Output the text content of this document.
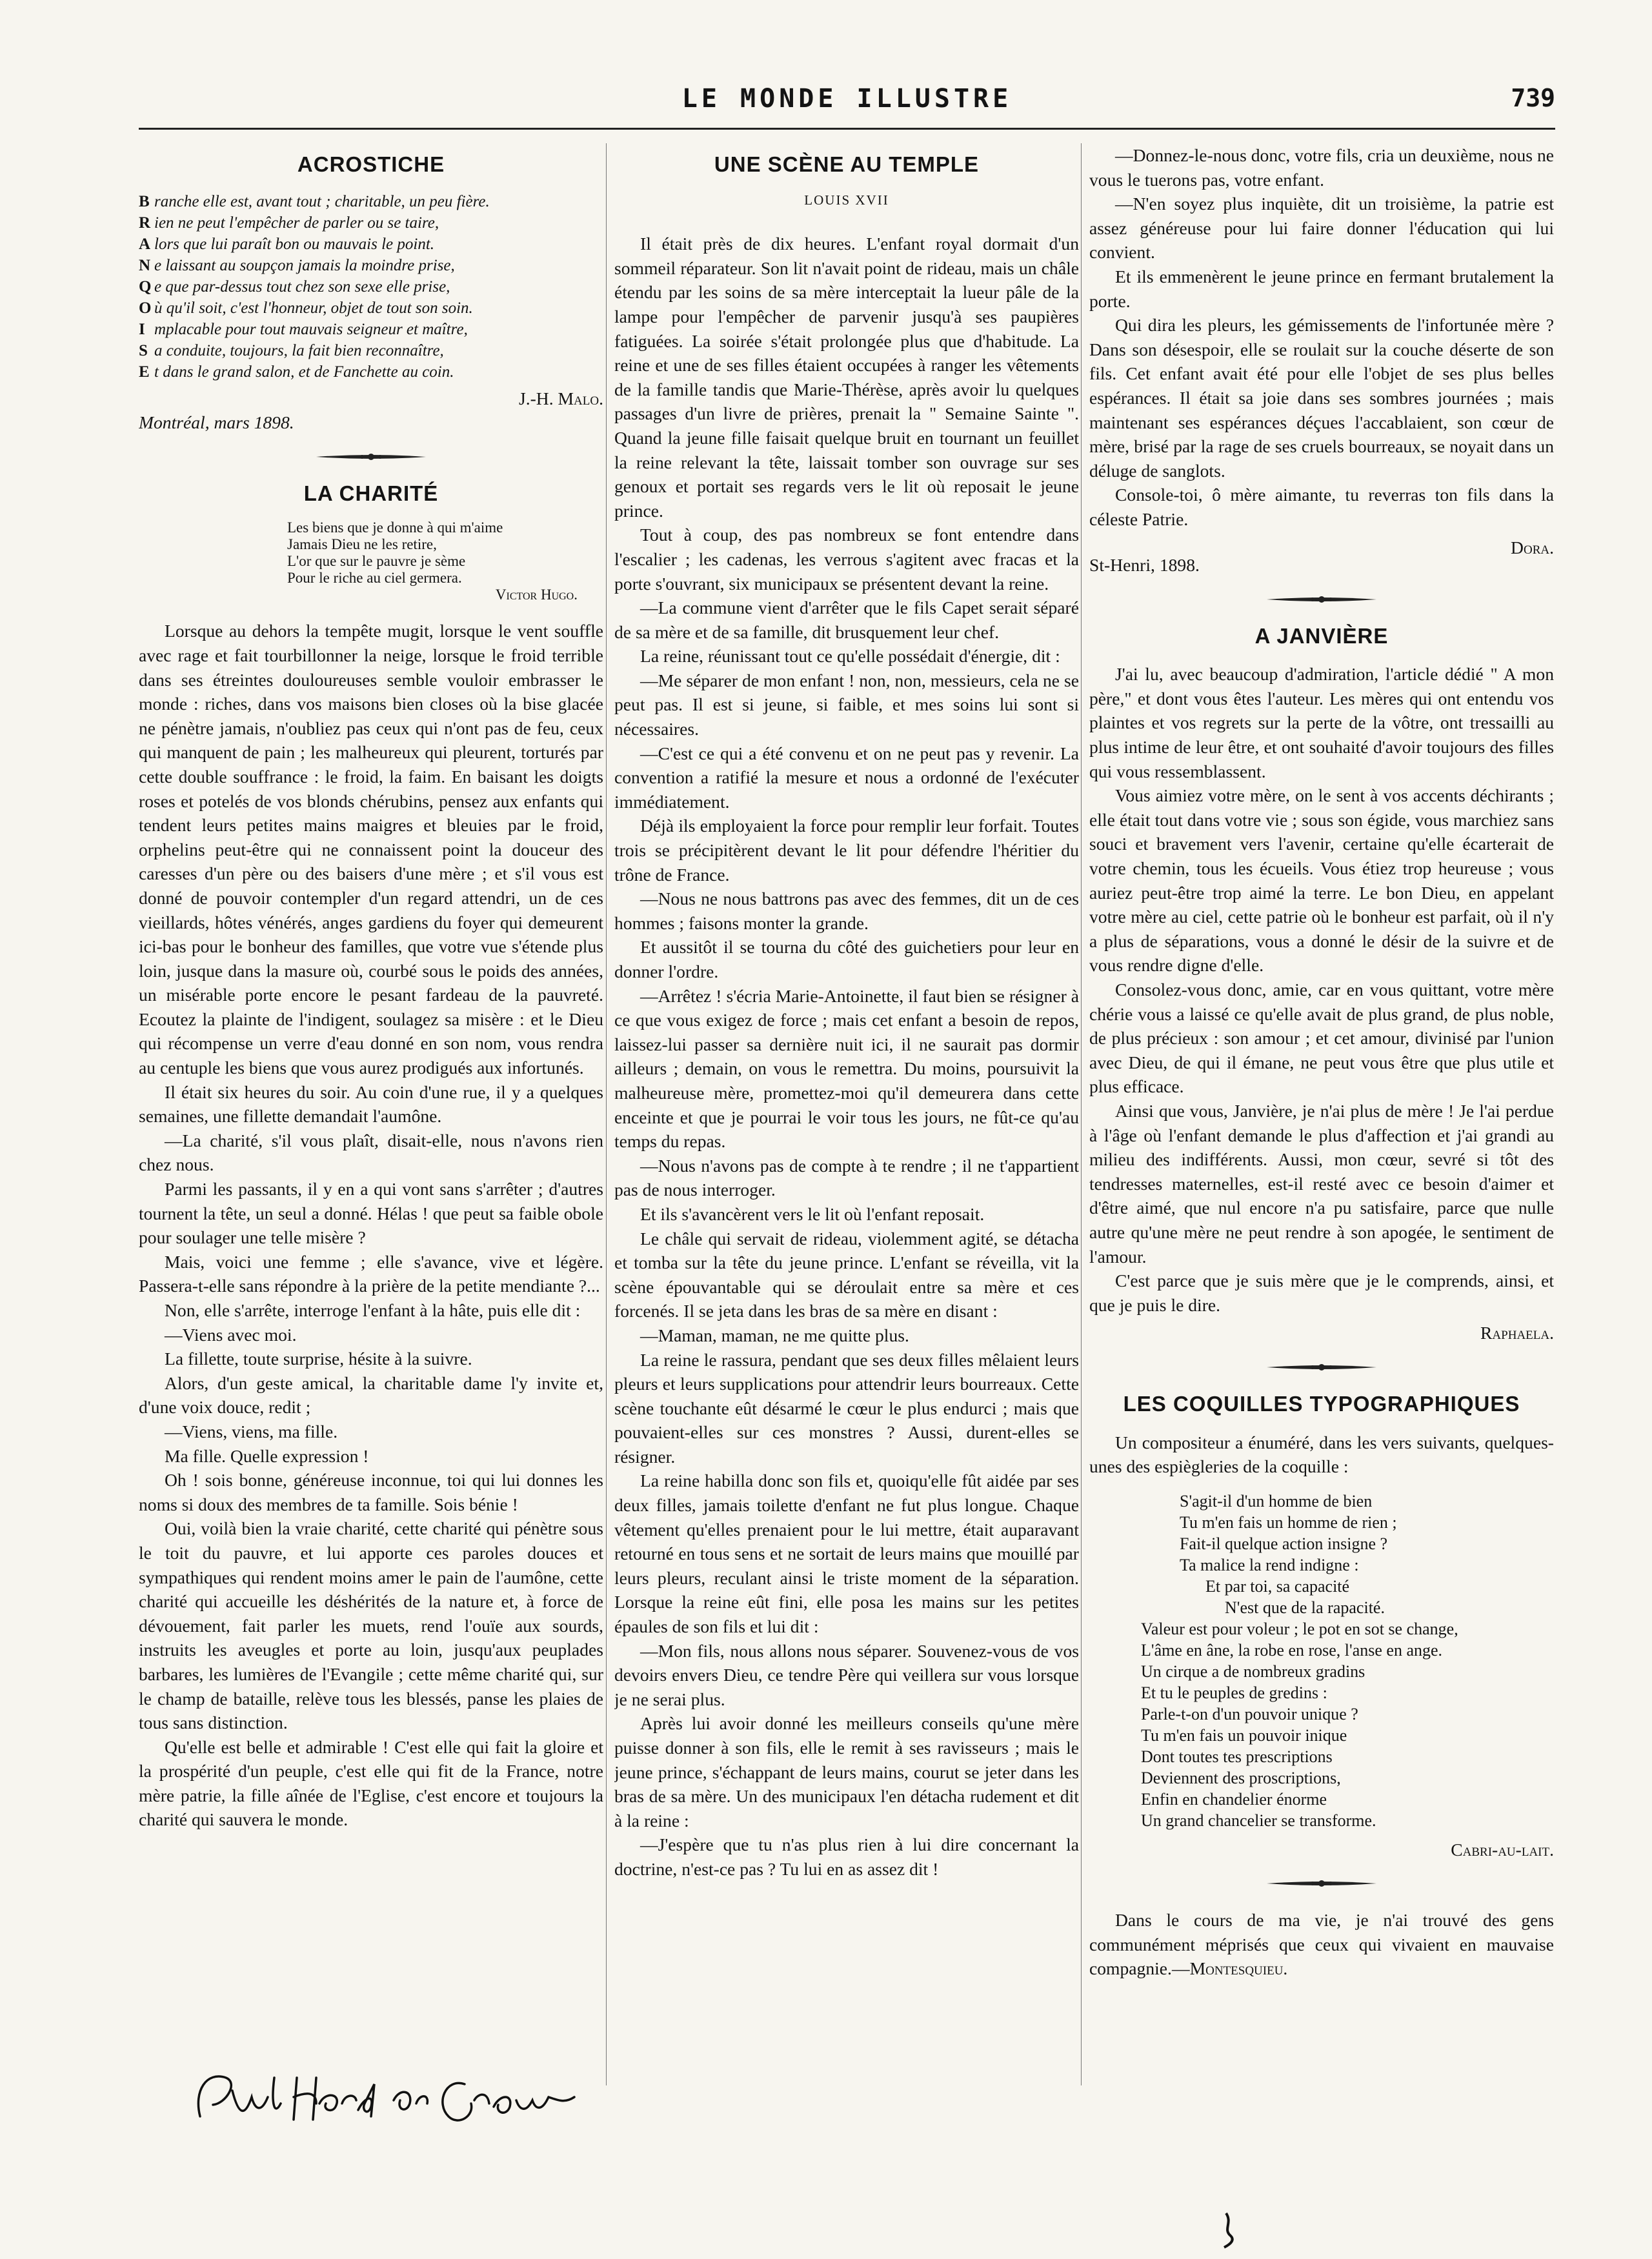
LE MONDE ILLUSTRE	739
ACROSTICHE
B ranche elle est, avant tout ; charitable, un peu fière.
R ien ne peut l'empêcher de parler ou se taire,
A lors que lui paraît bon ou mauvais le point.
N e laissant au soupçon jamais la moindre prise,
Q e que par-dessus tout chez son sexe elle prise,
O ù qu'il soit, c'est l'honneur, objet de tout son soin.
I mplacable pour tout mauvais seigneur et maître,
S a conduite, toujours, la fait bien reconnaître,
E t dans le grand salon, et de Fanchette au coin.

J.-H. Malo.

Montréal, mars 1898.

LA CHARITÉ
Les biens que je donne à qui m'aime
Jamais Dieu ne les retire,
L'or que sur le pauvre je sème
Pour le riche au ciel germera.
Victor Hugo.

Lorsque au dehors la tempête mugit, lorsque le vent souffle avec rage et fait tourbillonner la neige, lorsque le froid terrible dans ses étreintes douloureuses semble vouloir embrasser le monde : riches, dans vos maisons bien closes où la bise glacée ne pénètre jamais, n'oubliez pas ceux qui n'ont pas de feu, ceux qui manquent de pain ; les malheureux qui pleurent, torturés par cette double souffrance : le froid, la faim. En baisant les doigts roses et potelés de vos blonds chérubins, pensez aux enfants qui tendent leurs petites mains maigres et bleuies par le froid, orphelins peut-être qui ne connaissent point la douceur des caresses d'un père ou des baisers d'une mère ; et s'il vous est donné de pouvoir contempler d'un regard attendri, un de ces vieillards, hôtes vénérés, anges gardiens du foyer qui demeurent ici-bas pour le bonheur des familles, que votre vue s'étende plus loin, jusque dans la masure où, courbé sous le poids des années, un misérable porte encore le pesant fardeau de la pauvreté. Ecoutez la plainte de l'indigent, soulagez sa misère : et le Dieu qui récompense un verre d'eau donné en son nom, vous rendra au centuple les biens que vous aurez prodigués aux infortunés.

Il était six heures du soir. Au coin d'une rue, il y a quelques semaines, une fillette demandait l'aumône.

—La charité, s'il vous plaît, disait-elle, nous n'avons rien chez nous.

Parmi les passants, il y en a qui vont sans s'arrêter ; d'autres tournent la tête, un seul a donné. Hélas ! que peut sa faible obole pour soulager une telle misère ?

Mais, voici une femme ; elle s'avance, vive et légère. Passera-t-elle sans répondre à la prière de la petite mendiante ?...

Non, elle s'arrête, interroge l'enfant à la hâte, puis elle dit :

—Viens avec moi.

La fillette, toute surprise, hésite à la suivre.

Alors, d'un geste amical, la charitable dame l'y invite et, d'une voix douce, redit ;

—Viens, viens, ma fille.

Ma fille. Quelle expression !

Oh ! sois bonne, généreuse inconnue, toi qui lui donnes les noms si doux des membres de ta famille. Sois bénie !

Oui, voilà bien la vraie charité, cette charité qui pénètre sous le toit du pauvre, et lui apporte ces paroles douces et sympathiques qui rendent moins amer le pain de l'aumône, cette charité qui accueille les déshérités de la nature et, à force de dévouement, fait parler les muets, rend l'ouïe aux sourds, instruits les aveugles et porte au loin, jusqu'aux peuplades barbares, les lumières de l'Evangile ; cette même charité qui, sur le champ de bataille, relève tous les blessés, panse les plaies de tous sans distinction.

Qu'elle est belle et admirable ! C'est elle qui fait la gloire et la prospérité d'un peuple, c'est elle qui fit de la France, notre mère patrie, la fille aînée de l'Eglise, c'est encore et toujours la charité qui sauvera le monde.

UNE SCÈNE AU TEMPLE
LOUIS XVII

Il était près de dix heures. L'enfant royal dormait d'un sommeil réparateur. Son lit n'avait point de rideau, mais un châle étendu par les soins de sa mère interceptait la lueur pâle de la lampe pour l'empêcher de parvenir jusqu'à ses paupières fatiguées. La soirée s'était prolongée plus que d'habitude. La reine et une de ses filles étaient occupées à ranger les vêtements de la famille tandis que Marie-Thérèse, après avoir lu quelques passages d'un livre de prières, prenait la " Semaine Sainte ". Quand la jeune fille faisait quelque bruit en tournant un feuillet la reine relevant la tête, laissait tomber son ouvrage sur ses genoux et portait ses regards vers le lit où reposait le jeune prince.

Tout à coup, des pas nombreux se font entendre dans l'escalier ; les cadenas, les verrous s'agitent avec fracas et la porte s'ouvrant, six municipaux se présentent devant la reine.

—La commune vient d'arrêter que le fils Capet serait séparé de sa mère et de sa famille, dit brusquement leur chef.

La reine, réunissant tout ce qu'elle possédait d'énergie, dit :

—Me séparer de mon enfant ! non, non, messieurs, cela ne se peut pas. Il est si jeune, si faible, et mes soins lui sont si nécessaires.

—C'est ce qui a été convenu et on ne peut pas y revenir. La convention a ratifié la mesure et nous a ordonné de l'exécuter immédiatement.

Déjà ils employaient la force pour remplir leur forfait. Toutes trois se précipitèrent devant le lit pour défendre l'héritier du trône de France.

—Nous ne nous battrons pas avec des femmes, dit un de ces hommes ; faisons monter la grande.

Et aussitôt il se tourna du côté des guichetiers pour leur en donner l'ordre.

—Arrêtez ! s'écria Marie-Antoinette, il faut bien se résigner à ce que vous exigez de force ; mais cet enfant a besoin de repos, laissez-lui passer sa dernière nuit ici, il ne saurait pas dormir ailleurs ; demain, on vous le remettra. Du moins, poursuivit la malheureuse mère, promettez-moi qu'il demeurera dans cette enceinte et que je pourrai le voir tous les jours, ne fût-ce qu'au temps du repas.

—Nous n'avons pas de compte à te rendre ; il ne t'appartient pas de nous interroger.

Et ils s'avancèrent vers le lit où l'enfant reposait.

Le châle qui servait de rideau, violemment agité, se détacha et tomba sur la tête du jeune prince. L'enfant se réveilla, vit la scène épouvantable qui se déroulait entre sa mère et ces forcenés. Il se jeta dans les bras de sa mère en disant :

—Maman, maman, ne me quitte plus.

La reine le rassura, pendant que ses deux filles mêlaient leurs pleurs et leurs supplications pour attendrir leurs bourreaux. Cette scène touchante eût désarmé le cœur le plus endurci ; mais que pouvaient-elles sur ces monstres ? Aussi, durent-elles se résigner.

La reine habilla donc son fils et, quoiqu'elle fût aidée par ses deux filles, jamais toilette d'enfant ne fut plus longue. Chaque vêtement qu'elles prenaient pour le lui mettre, était auparavant retourné en tous sens et ne sortait de leurs mains que mouillé par leurs pleurs, reculant ainsi le triste moment de la séparation. Lorsque la reine eût fini, elle posa les mains sur les petites épaules de son fils et lui dit :

—Mon fils, nous allons nous séparer. Souvenez-vous de vos devoirs envers Dieu, ce tendre Père qui veillera sur vous lorsque je ne serai plus.

Après lui avoir donné les meilleurs conseils qu'une mère puisse donner à son fils, elle le remit à ses ravisseurs ; mais le jeune prince, s'échappant de leurs mains, courut se jeter dans les bras de sa mère. Un des municipaux l'en détacha rudement et dit à la reine :

—J'espère que tu n'as plus rien à lui dire concernant la doctrine, n'est-ce pas ? Tu lui en as assez dit !

—Donnez-le-nous donc, votre fils, cria un deuxième, nous ne vous le tuerons pas, votre enfant.

—N'en soyez plus inquiète, dit un troisième, la patrie est assez généreuse pour lui faire donner l'éducation qui lui convient.

Et ils emmenèrent le jeune prince en fermant brutalement la porte.

Qui dira les pleurs, les gémissements de l'infortunée mère ? Dans son désespoir, elle se roulait sur la couche déserte de son fils. Cet enfant avait été pour elle l'objet de ses plus belles espérances. Il était sa joie dans ses sombres journées ; mais maintenant ses espérances déçues l'accablaient, son cœur de mère, brisé par la rage de ses cruels bourreaux, se noyait dans un déluge de sanglots.

Console-toi, ô mère aimante, tu reverras ton fils dans la céleste Patrie.

Dora.

St-Henri, 1898.

A JANVIÈRE

J'ai lu, avec beaucoup d'admiration, l'article dédié " A mon père," et dont vous êtes l'auteur. Les mères qui ont entendu vos plaintes et vos regrets sur la perte de la vôtre, ont tressailli au plus intime de leur être, et ont souhaité d'avoir toujours des filles qui vous ressemblassent.

Vous aimiez votre mère, on le sent à vos accents déchirants ; elle était tout dans votre vie ; sous son égide, vous marchiez sans souci et bravement vers l'avenir, certaine qu'elle écarterait de votre chemin, tous les écueils. Vous étiez trop heureuse ; vous auriez peut-être trop aimé la terre. Le bon Dieu, en appelant votre mère au ciel, cette patrie où le bonheur est parfait, où il n'y a plus de séparations, vous a donné le désir de la suivre et de vous rendre digne d'elle.

Consolez-vous donc, amie, car en vous quittant, votre mère chérie vous a laissé ce qu'elle avait de plus grand, de plus noble, de plus précieux : son amour ; et cet amour, divinisé par l'union avec Dieu, de qui il émane, ne peut vous être que plus utile et plus efficace.

Ainsi que vous, Janvière, je n'ai plus de mère ! Je l'ai perdue à l'âge où l'enfant demande le plus d'affection et j'ai grandi au milieu des indifférents. Aussi, mon cœur, sevré si tôt des tendresses maternelles, est-il resté avec ce besoin d'aimer et d'être aimé, que nul encore n'a pu satisfaire, parce que nulle autre qu'une mère ne peut rendre à son apogée, le sentiment de l'amour.

C'est parce que je suis mère que je le comprends, ainsi, et que je puis le dire.

Raphaela.

LES COQUILLES TYPOGRAPHIQUES

Un compositeur a énuméré, dans les vers suivants, quelques-unes des espiègleries de la coquille :

S'agit-il d'un homme de bien
Tu m'en fais un homme de rien ;
Fait-il quelque action insigne ?
Ta malice la rend indigne :
Et par toi, sa capacité
N'est que de la rapacité.
Valeur est pour voleur ; le pot en sot se change,
L'âme en âne, la robe en rose, l'anse en ange.
Un cirque a de nombreux gradins
Et tu le peuples de gredins :
Parle-t-on d'un pouvoir unique ?
Tu m'en fais un pouvoir inique
Dont toutes tes prescriptions
Deviennent des proscriptions,
Enfin en chandelier énorme
Un grand chancelier se transforme.

Cabri-au-lait.

Dans le cours de ma vie, je n'ai trouvé des gens communément méprisés que ceux qui vivaient en mauvaise compagnie.—Montesquieu.
